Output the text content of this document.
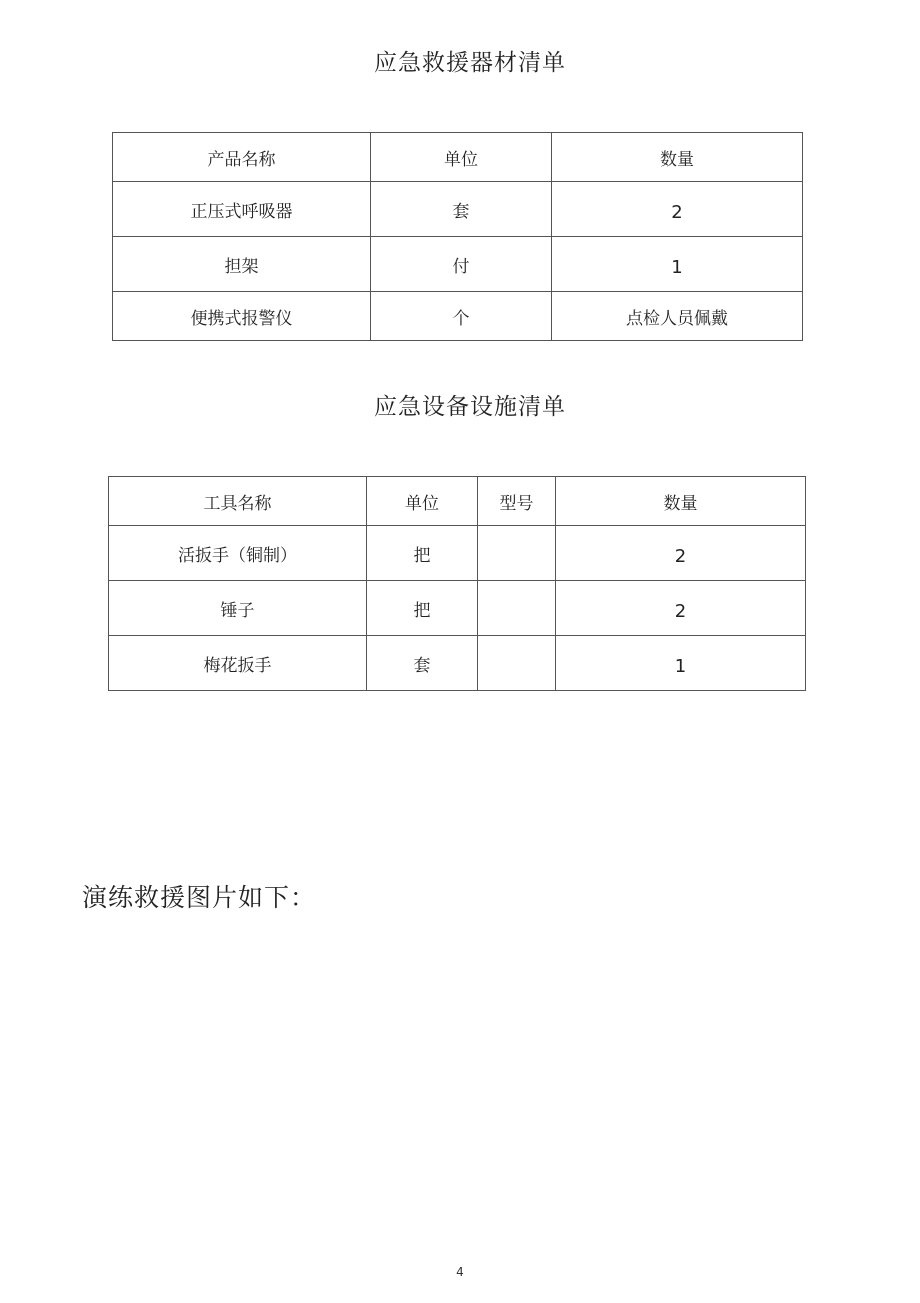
应急救援器材清单
产品名称	单位	数量
正压式呼吸器	套	2
担架	付	1
便携式报警仪	个	点检人员佩戴
应急设备设施清单
工具名称	单位	型号	数量
活扳手（铜制）	把		2
锤子	把		2
梅花扳手	套		1
演练救援图片如下：
4
